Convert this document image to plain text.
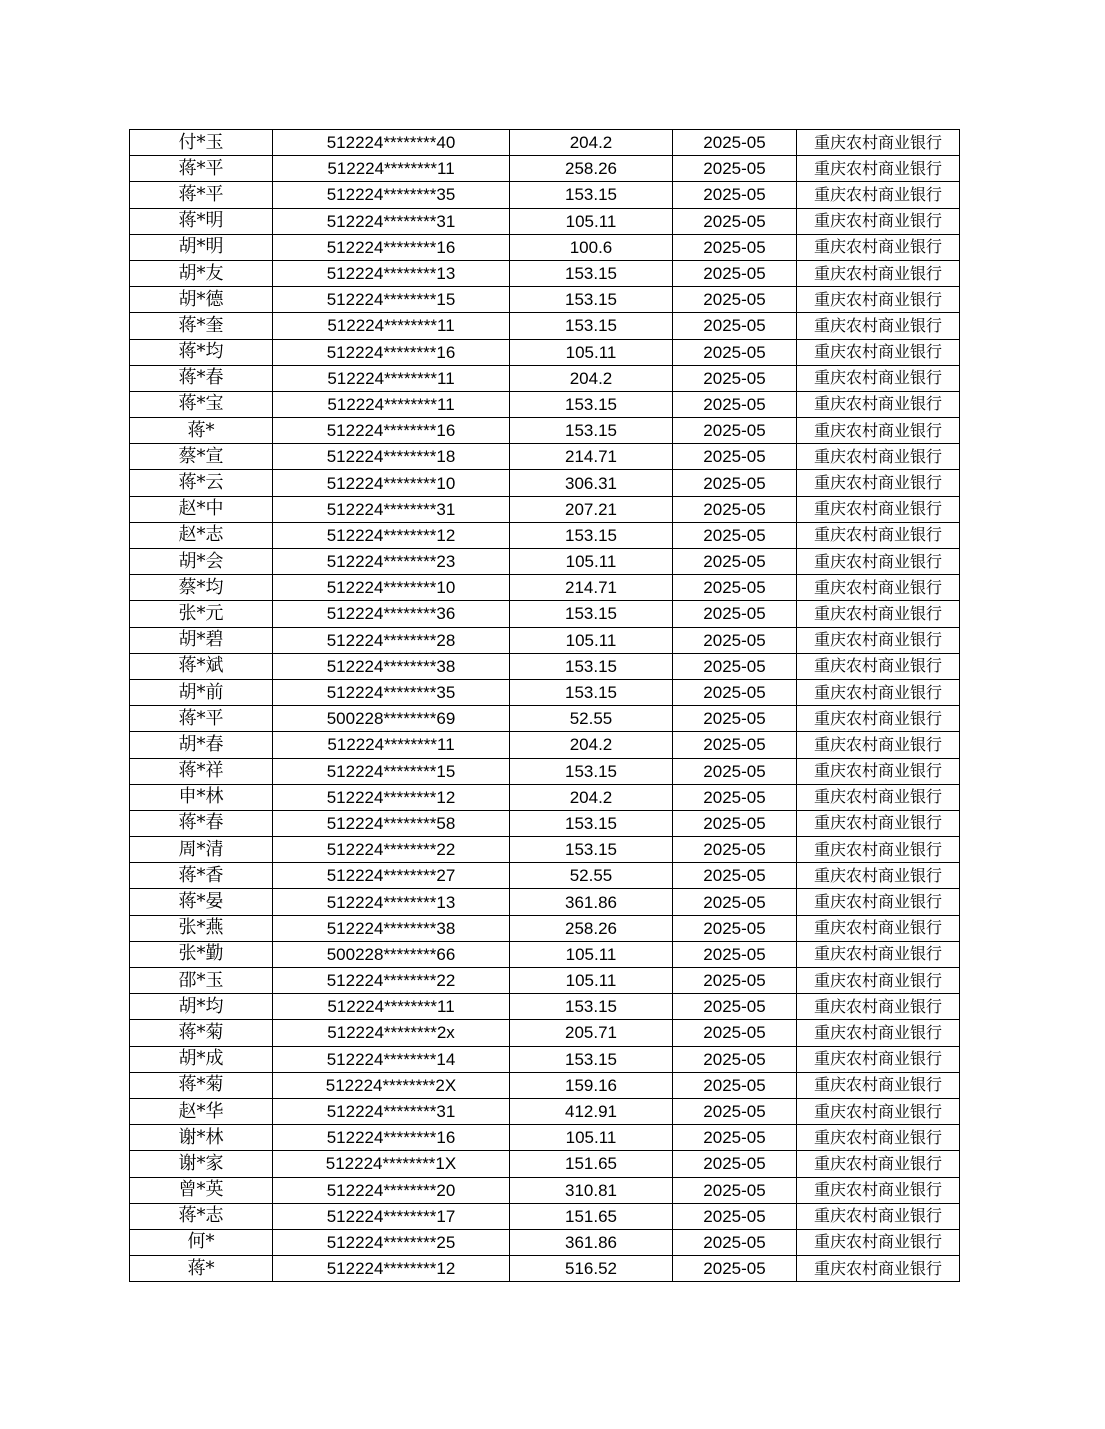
付*玉	512224********40	204.2	2025-05	重庆农村商业银行
蒋*平	512224********11	258.26	2025-05	重庆农村商业银行
蒋*平	512224********35	153.15	2025-05	重庆农村商业银行
蒋*明	512224********31	105.11	2025-05	重庆农村商业银行
胡*明	512224********16	100.6	2025-05	重庆农村商业银行
胡*友	512224********13	153.15	2025-05	重庆农村商业银行
胡*德	512224********15	153.15	2025-05	重庆农村商业银行
蒋*奎	512224********11	153.15	2025-05	重庆农村商业银行
蒋*均	512224********16	105.11	2025-05	重庆农村商业银行
蒋*春	512224********11	204.2	2025-05	重庆农村商业银行
蒋*宝	512224********11	153.15	2025-05	重庆农村商业银行
蒋*	512224********16	153.15	2025-05	重庆农村商业银行
蔡*宣	512224********18	214.71	2025-05	重庆农村商业银行
蒋*云	512224********10	306.31	2025-05	重庆农村商业银行
赵*中	512224********31	207.21	2025-05	重庆农村商业银行
赵*志	512224********12	153.15	2025-05	重庆农村商业银行
胡*会	512224********23	105.11	2025-05	重庆农村商业银行
蔡*均	512224********10	214.71	2025-05	重庆农村商业银行
张*元	512224********36	153.15	2025-05	重庆农村商业银行
胡*碧	512224********28	105.11	2025-05	重庆农村商业银行
蒋*斌	512224********38	153.15	2025-05	重庆农村商业银行
胡*前	512224********35	153.15	2025-05	重庆农村商业银行
蒋*平	500228********69	52.55	2025-05	重庆农村商业银行
胡*春	512224********11	204.2	2025-05	重庆农村商业银行
蒋*祥	512224********15	153.15	2025-05	重庆农村商业银行
申*林	512224********12	204.2	2025-05	重庆农村商业银行
蒋*春	512224********58	153.15	2025-05	重庆农村商业银行
周*清	512224********22	153.15	2025-05	重庆农村商业银行
蒋*香	512224********27	52.55	2025-05	重庆农村商业银行
蒋*晏	512224********13	361.86	2025-05	重庆农村商业银行
张*燕	512224********38	258.26	2025-05	重庆农村商业银行
张*勤	500228********66	105.11	2025-05	重庆农村商业银行
邵*玉	512224********22	105.11	2025-05	重庆农村商业银行
胡*均	512224********11	153.15	2025-05	重庆农村商业银行
蒋*菊	512224********2x	205.71	2025-05	重庆农村商业银行
胡*成	512224********14	153.15	2025-05	重庆农村商业银行
蒋*菊	512224********2X	159.16	2025-05	重庆农村商业银行
赵*华	512224********31	412.91	2025-05	重庆农村商业银行
谢*林	512224********16	105.11	2025-05	重庆农村商业银行
谢*家	512224********1X	151.65	2025-05	重庆农村商业银行
曾*英	512224********20	310.81	2025-05	重庆农村商业银行
蒋*志	512224********17	151.65	2025-05	重庆农村商业银行
何*	512224********25	361.86	2025-05	重庆农村商业银行
蒋*	512224********12	516.52	2025-05	重庆农村商业银行
